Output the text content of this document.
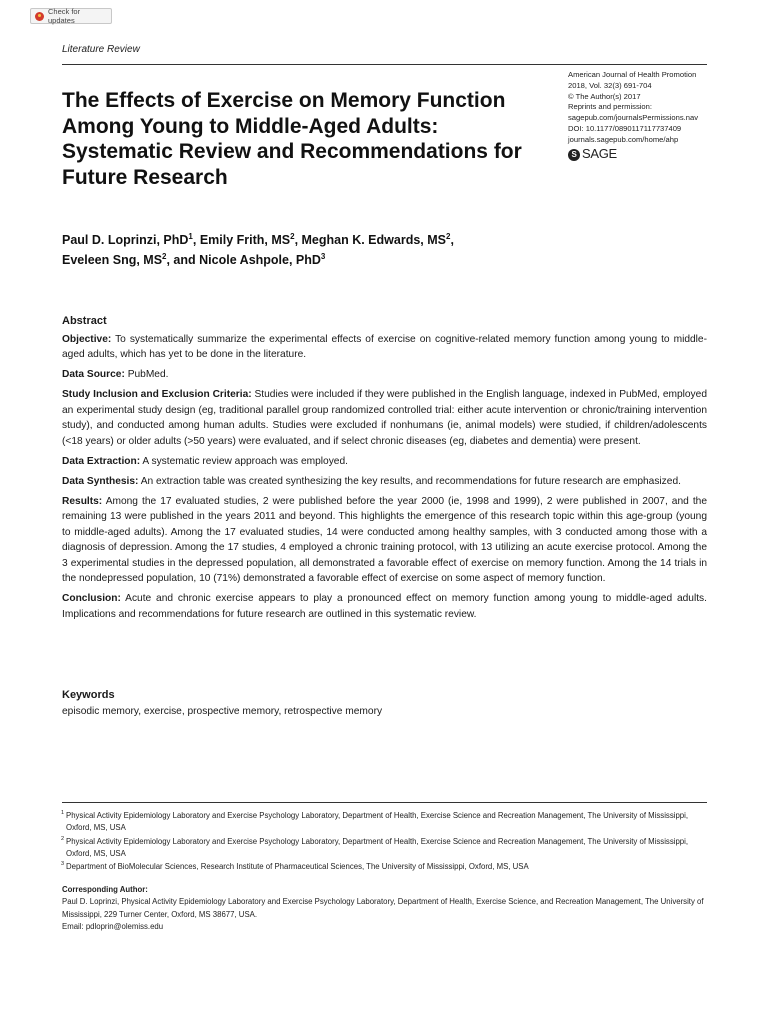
Check for updates
Literature Review
The Effects of Exercise on Memory Function Among Young to Middle-Aged Adults: Systematic Review and Recommendations for Future Research
American Journal of Health Promotion
2018, Vol. 32(3) 691-704
© The Author(s) 2017
Reprints and permission:
sagepub.com/journalsPermissions.nav
DOI: 10.1177/0890117117737409
journals.sagepub.com/home/ahp
S SAGE
Paul D. Loprinzi, PhD$^1$, Emily Frith, $MS^2$, Meghan K. Edwards, $MS^2$,
Eveleen Sng, $MS^2$, and Nicole Ashpole, PhD$^3$
Abstract

Objective: To systematically summarize the experimental effects of exercise on cognitive-related memory function among young to middle-aged adults, which has yet to be done in the literature.

Data Source: PubMed.

Study Inclusion and Exclusion Criteria: Studies were included if they were published in the English language, indexed in PubMed, employed an experimental study design (eg, traditional parallel group randomized controlled trial: either acute intervention or chronic/training intervention study), and conducted among human adults. Studies were excluded if nonhumans (ie, animal models) were studied, if children/adolescents (<18 years) or older adults (>50 years) were evaluated, and if select chronic diseases (eg, diabetes and dementia) were present.

Data Extraction: A systematic review approach was employed.

Data Synthesis: An extraction table was created synthesizing the key results, and recommendations for future research are emphasized.

Results: Among the 17 evaluated studies, 2 were published before the year 2000 (ie, 1998 and 1999), 2 were published in 2007, and the remaining 13 were published in the years 2011 and beyond. This highlights the emergence of this research topic within this age-group (young to middle-aged adults). Among the 17 evaluated studies, 14 were conducted among healthy samples, with 3 conducted among those with a diagnosis of depression. Among the 17 studies, 4 employed a chronic training protocol, with 13 utilizing an acute exercise protocol. Among the 3 experimental studies in the depressed population, all demonstrated a favorable effect of exercise on memory function. Among the 14 trials in the nondepressed population, 10 (71%) demonstrated a favorable effect of exercise on some aspect of memory function.

Conclusion: Acute and chronic exercise appears to play a pronounced effect on memory function among young to middle-aged adults. Implications and recommendations for future research are outlined in this systematic review.

Keywords
episodic memory, exercise, prospective memory, retrospective memory
1 Physical Activity Epidemiology Laboratory and Exercise Psychology Laboratory, Department of Health, Exercise Science and Recreation Management, The University of Mississippi, Oxford, MS, USA
2 Physical Activity Epidemiology Laboratory and Exercise Psychology Laboratory, Department of Health, Exercise Science and Recreation Management, The University of Mississippi, Oxford, MS, USA
3 Department of BioMolecular Sciences, Research Institute of Pharmaceutical Sciences, The University of Mississippi, Oxford, MS, USA
Corresponding Author:
Paul D. Loprinzi, Physical Activity Epidemiology Laboratory and Exercise Psychology Laboratory, Department of Health, Exercise Science, and Recreation Management, The University of Mississippi, 229 Turner Center, Oxford, MS 38677, USA.
Email: pdloprin@olemiss.edu
